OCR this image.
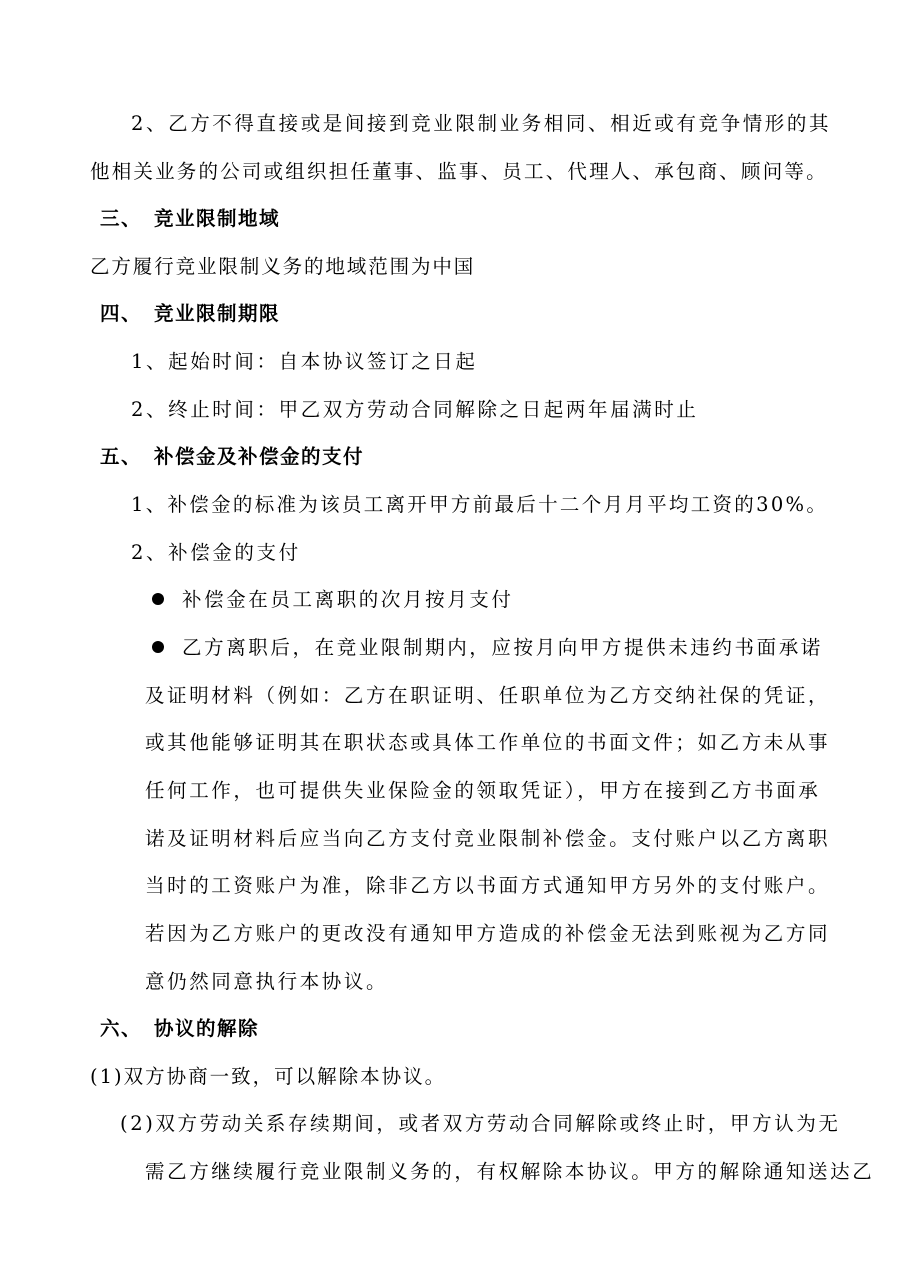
2、乙方不得直接或是间接到竞业限制业务相同、相近或有竞争情形的其
他相关业务的公司或组织担任董事、监事、员工、代理人、承包商、顾问等。
三、 竞业限制地域
乙方履行竞业限制义务的地域范围为中国
四、 竞业限制期限
1、起始时间：自本协议签订之日起
2、终止时间：甲乙双方劳动合同解除之日起两年届满时止
五、 补偿金及补偿金的支付
1、补偿金的标准为该员工离开甲方前最后十二个月月平均工资的30%。
2、补偿金的支付
补偿金在员工离职的次月按月支付
乙方离职后，在竞业限制期内，应按月向甲方提供未违约书面承诺
及证明材料（例如：乙方在职证明、任职单位为乙方交纳社保的凭证，
或其他能够证明其在职状态或具体工作单位的书面文件；如乙方未从事
任何工作，也可提供失业保险金的领取凭证），甲方在接到乙方书面承
诺及证明材料后应当向乙方支付竞业限制补偿金。支付账户以乙方离职
当时的工资账户为准，除非乙方以书面方式通知甲方另外的支付账户。
若因为乙方账户的更改没有通知甲方造成的补偿金无法到账视为乙方同
意仍然同意执行本协议。
六、 协议的解除
(1)双方协商一致，可以解除本协议。
(2)双方劳动关系存续期间，或者双方劳动合同解除或终止时，甲方认为无
需乙方继续履行竞业限制义务的，有权解除本协议。甲方的解除通知送达乙
